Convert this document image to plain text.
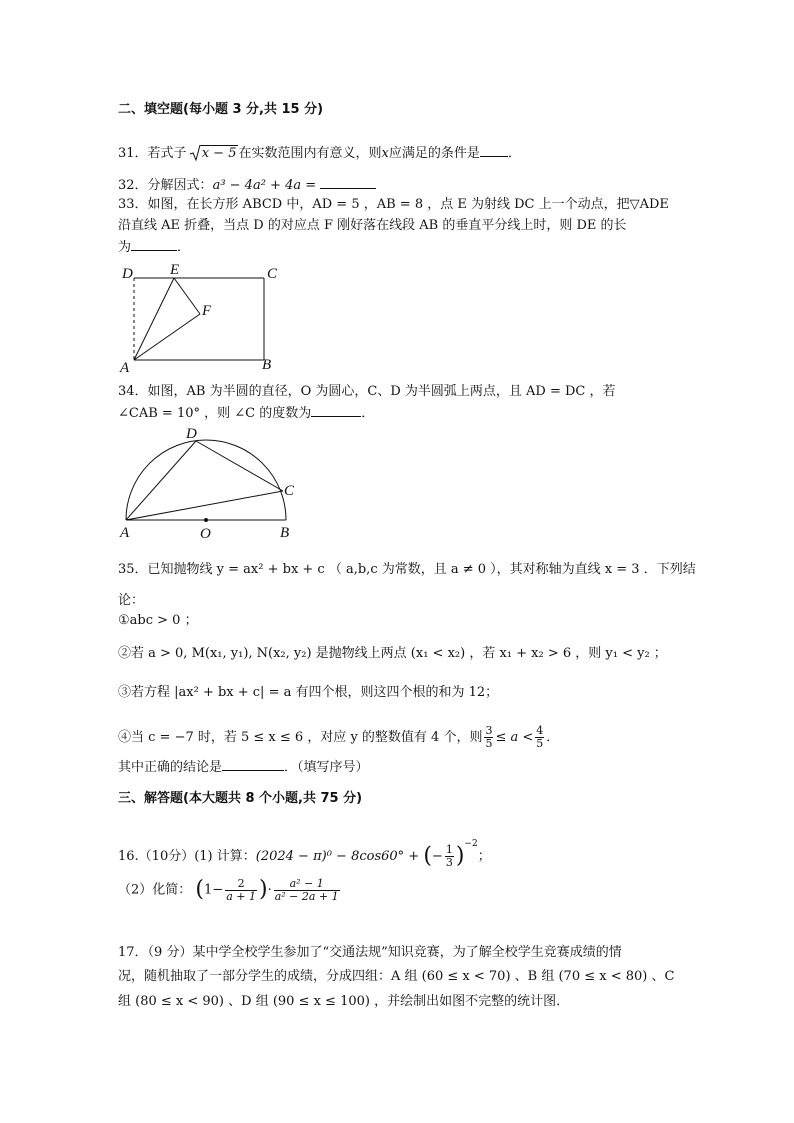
二、填空题(每小题 3 分,共 15 分)
31．若式子 x − 5 在实数范围内有意义，则x应满足的条件是 ．
32．分解因式：a³ − 4a² + 4a =
33．如图，在长方形 ABCD 中，AD = 5 ，AB = 8 ，点 E 为射线 DC 上一个动点，把▽ADE
沿直线 AE 折叠，当点 D 的对应点 F 刚好落在线段 AB 的垂直平分线上时，则 DE 的长
为	．
D E	C
F
A	B
34．如图，AB 为半圆的直径，O 为圆心，C、D 为半圆弧上两点，且 AD = DC ，若
∠CAB = 10° ，则 ∠C 的度数为	．
D
C
A	O	B
35．已知抛物线 y = ax² + bx + c （ a,b,c 为常数，且 a ≠ 0 ），其对称轴为直线 x = 3 ．下列结
论：
①abc > 0 ；
②若 a > 0, M(x₁, y₁), N(x₂, y₂) 是抛物线上两点 (x₁ < x₂) ，若 x₁ + x₂ > 6 ，则 y₁ < y₂ ；
③若方程 |ax² + bx + c| = a 有四个根，则这四个根的和为 12；
④当 c = −7 时，若 5 ≤ x ≤ 6 ，对应 y 的整数值有 4 个，则 $\frac{3}{5} \le a < \frac{4}{5}$ ．
其中正确的结论是	．（填写序号）
三、解答题(本大题共 8 个小题,共 75 分)
16.（10分）(1) 计算：(2024 − π)⁰ − 8cos60° + (− $\frac{1}{3} )^{-2}$；
（2）化简： ($1- \frac{2}{a + 1}$ )· $\frac{\text{a² − 1}}{\text{a² − 2a + 1}}$
17．（9 分）某中学全校学生参加了“交通法规”知识竞赛，为了解全校学生竞赛成绩的情
况，随机抽取了一部分学生的成绩，分成四组：A 组 (60 ≤ x < 70) 、B 组 (70 ≤ x < 80) 、C
组 (80 ≤ x < 90) 、D 组 (90 ≤ x ≤ 100) ，并绘制出如图不完整的统计图．
